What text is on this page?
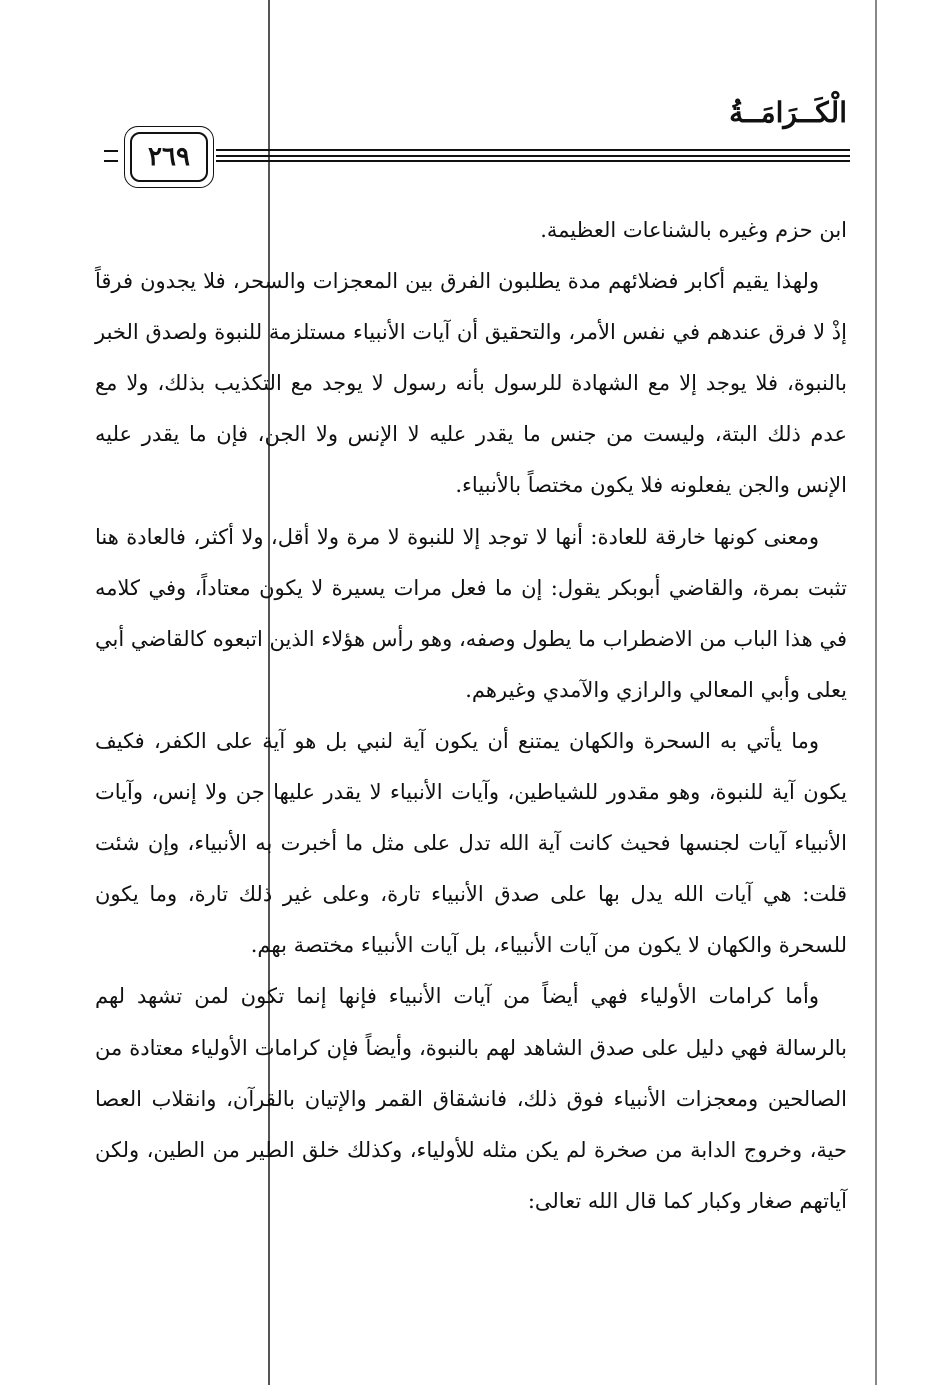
الْكَــرَامَــةُ
٢٦٩

ابن حزم وغيره بالشناعات العظيمة.

ولهذا يقيم أكابر فضلائهم مدة يطلبون الفرق بين المعجزات والسحر، فلا يجدون فرقاً إذْ لا فرق عندهم في نفس الأمر، والتحقيق أن آيات الأنبياء مستلزمة للنبوة ولصدق الخبر بالنبوة، فلا يوجد إلا مع الشهادة للرسول بأنه رسول لا يوجد مع التكذيب بذلك، ولا مع عدم ذلك البتة، وليست من جنس ما يقدر عليه لا الإنس ولا الجن، فإن ما يقدر عليه الإنس والجن يفعلونه فلا يكون مختصاً بالأنبياء.

ومعنى كونها خارقة للعادة: أنها لا توجد إلا للنبوة لا مرة ولا أقل، ولا أكثر، فالعادة هنا تثبت بمرة، والقاضي أبوبكر يقول: إن ما فعل مرات يسيرة لا يكون معتاداً، وفي كلامه في هذا الباب من الاضطراب ما يطول وصفه، وهو رأس هؤلاء الذين اتبعوه كالقاضي أبي يعلى وأبي المعالي والرازي والآمدي وغيرهم.

وما يأتي به السحرة والكهان يمتنع أن يكون آية لنبي بل هو آية على الكفر، فكيف يكون آية للنبوة، وهو مقدور للشياطين، وآيات الأنبياء لا يقدر عليها جن ولا إنس، وآيات الأنبياء آيات لجنسها فحيث كانت آية الله تدل على مثل ما أخبرت به الأنبياء، وإن شئت قلت: هي آيات الله يدل بها على صدق الأنبياء تارة، وعلى غير ذلك تارة، وما يكون للسحرة والكهان لا يكون من آيات الأنبياء، بل آيات الأنبياء مختصة بهم.

وأما كرامات الأولياء فهي أيضاً من آيات الأنبياء فإنها إنما تكون لمن تشهد لهم بالرسالة فهي دليل على صدق الشاهد لهم بالنبوة، وأيضاً فإن كرامات الأولياء معتادة من الصالحين ومعجزات الأنبياء فوق ذلك، فانشقاق القمر والإتيان بالقرآن، وانقلاب العصا حية، وخروج الدابة من صخرة لم يكن مثله للأولياء، وكذلك خلق الطير من الطين، ولكن آياتهم صغار وكبار كما قال الله تعالى:
